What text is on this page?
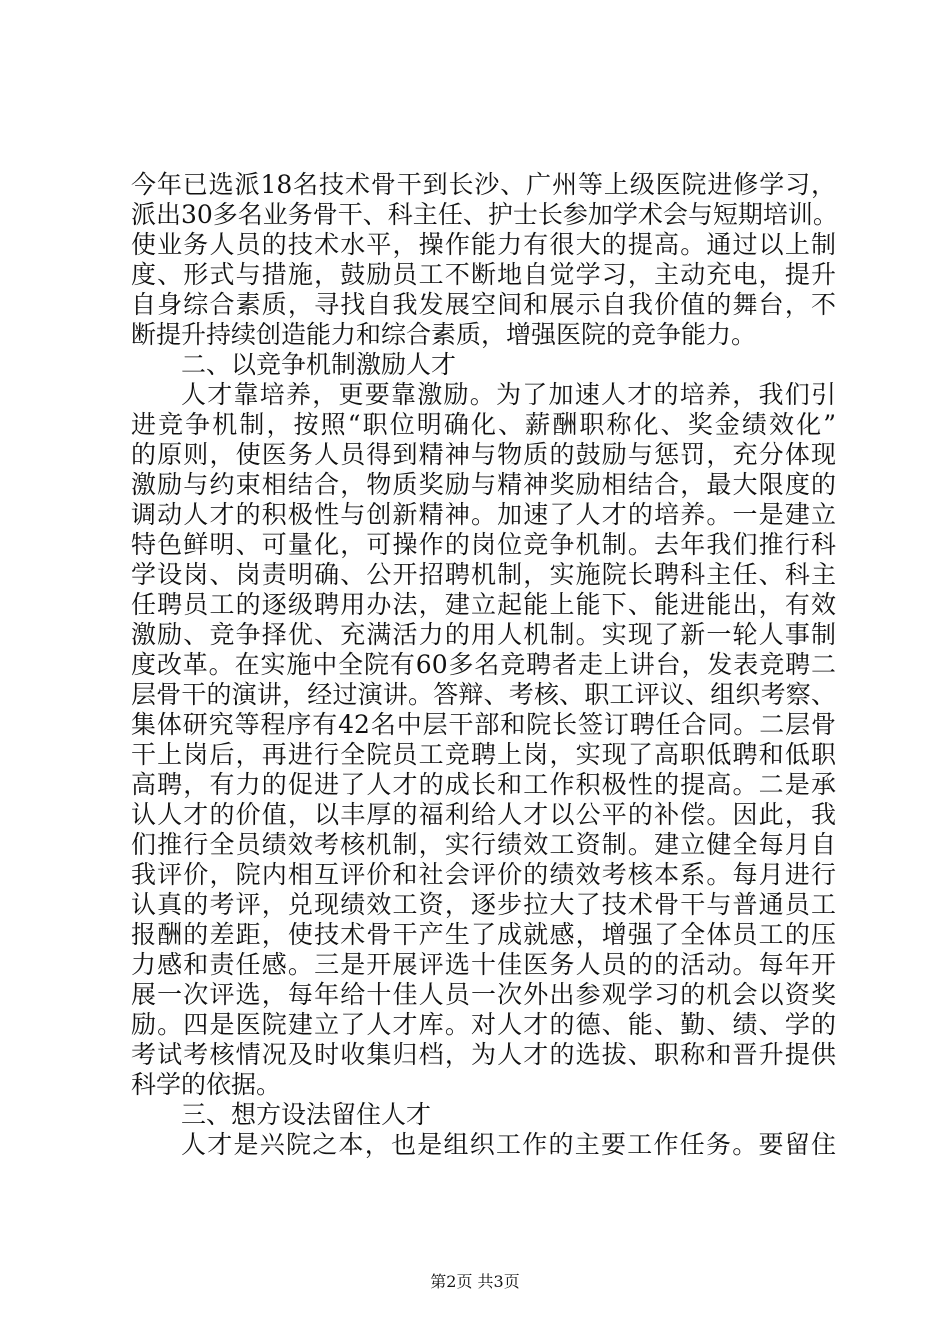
今年已选派18名技术骨干到长沙、广州等上级医院进修学习，
派出30多名业务骨干、科主任、护士长参加学术会与短期培训。
使业务人员的技术水平，操作能力有很大的提高。通过以上制
度、形式与措施，鼓励员工不断地自觉学习，主动充电，提升
自身综合素质，寻找自我发展空间和展示自我价值的舞台，不
断提升持续创造能力和综合素质，增强医院的竞争能力。
二、以竞争机制激励人才
人才靠培养，更要靠激励。为了加速人才的培养，我们引
进竞争机制，按照“职位明确化、薪酬职称化、奖金绩效化”
的原则，使医务人员得到精神与物质的鼓励与惩罚，充分体现
激励与约束相结合，物质奖励与精神奖励相结合，最大限度的
调动人才的积极性与创新精神。加速了人才的培养。一是建立
特色鲜明、可量化，可操作的岗位竞争机制。去年我们推行科
学设岗、岗责明确、公开招聘机制，实施院长聘科主任、科主
任聘员工的逐级聘用办法，建立起能上能下、能进能出，有效
激励、竞争择优、充满活力的用人机制。实现了新一轮人事制
度改革。在实施中全院有60多名竞聘者走上讲台，发表竞聘二
层骨干的演讲，经过演讲。答辩、考核、职工评议、组织考察、
集体研究等程序有42名中层干部和院长签订聘任合同。二层骨
干上岗后，再进行全院员工竞聘上岗，实现了高职低聘和低职
高聘，有力的促进了人才的成长和工作积极性的提高。二是承
认人才的价值，以丰厚的福利给人才以公平的补偿。因此，我
们推行全员绩效考核机制，实行绩效工资制。建立健全每月自
我评价，院内相互评价和社会评价的绩效考核本系。每月进行
认真的考评，兑现绩效工资，逐步拉大了技术骨干与普通员工
报酬的差距，使技术骨干产生了成就感，增强了全体员工的压
力感和责任感。三是开展评选十佳医务人员的的活动。每年开
展一次评选，每年给十佳人员一次外出参观学习的机会以资奖
励。四是医院建立了人才库。对人才的德、能、勤、绩、学的
考试考核情况及时收集归档，为人才的选拔、职称和晋升提供
科学的依据。
三、想方设法留住人才
人才是兴院之本，也是组织工作的主要工作任务。要留住
第2页 共3页
